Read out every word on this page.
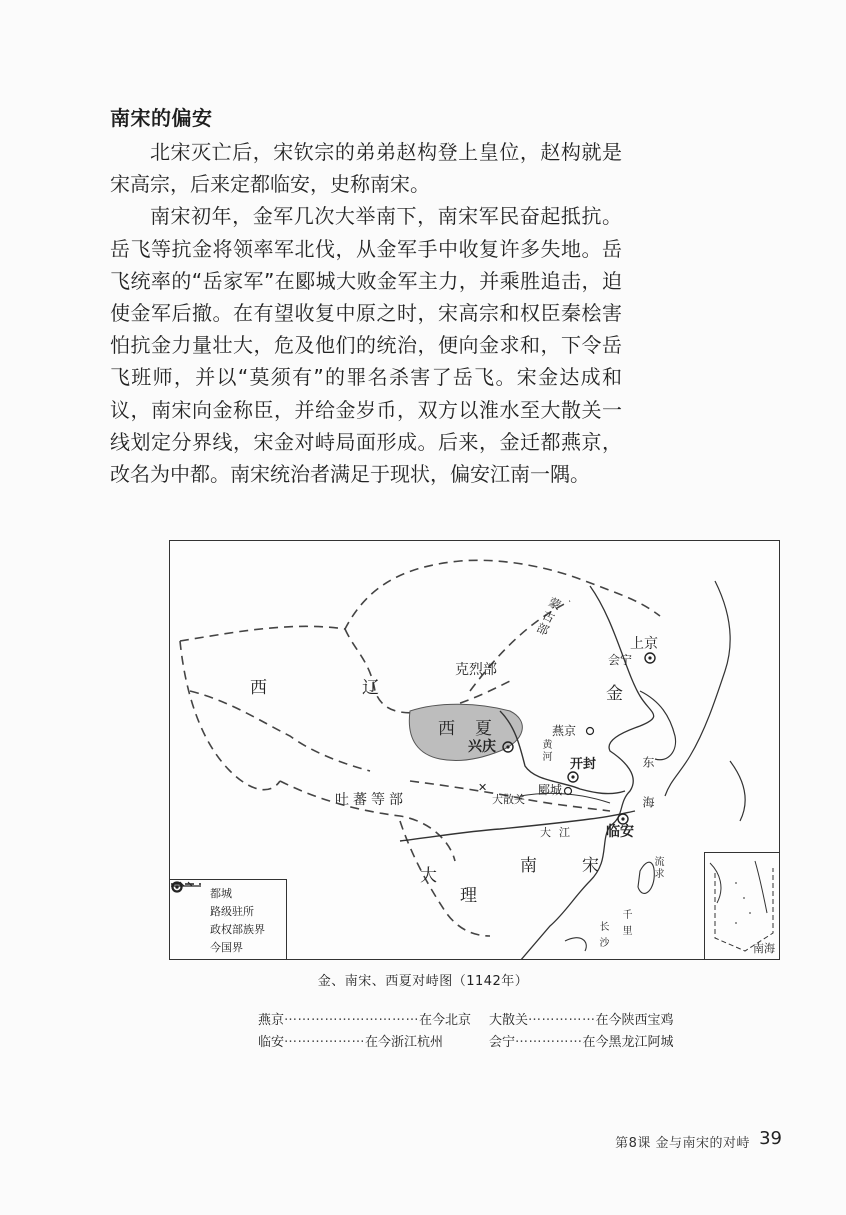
南宋的偏安

北宋灭亡后，宋钦宗的弟弟赵构登上皇位，赵构就是宋高宗，后来定都临安，史称南宋。

南宋初年，金军几次大举南下，南宋军民奋起抵抗。岳飞等抗金将领率军北伐，从金军手中收复许多失地。岳飞统率的“岳家军”在郾城大败金军主力，并乘胜追击，迫使金军后撤。在有望收复中原之时，宋高宗和权臣秦桧害怕抗金力量壮大，危及他们的统治，便向金求和，下令岳飞班师，并以“莫须有”的罪名杀害了岳飞。宋金达成和议，南宋向金称臣，并给金岁币，双方以淮水至大散关一线划定分界线，宋金对峙局面形成。后来，金迁都燕京，改名为中都。南宋统治者满足于现状，偏安江南一隅。

✕
西	辽
克烈部
蒙古部
上京
会宁
金
西 夏
兴庆
燕京
黄河
开封
吐蕃等部	大散关
郾城
临安
大江
南	宋
大
理
东海
流求
千里
长沙
都城
路级驻所
政权部族界
今国界	南海
金、南宋、西夏对峙图（1142年）
燕京 ………………………… 在今北京 大散关 …………… 在今陕西宝鸡
临安 ……………… 在今浙江杭州	会宁 …………… 在今黑龙江阿城
第8课 金与南宋的对峙 39
